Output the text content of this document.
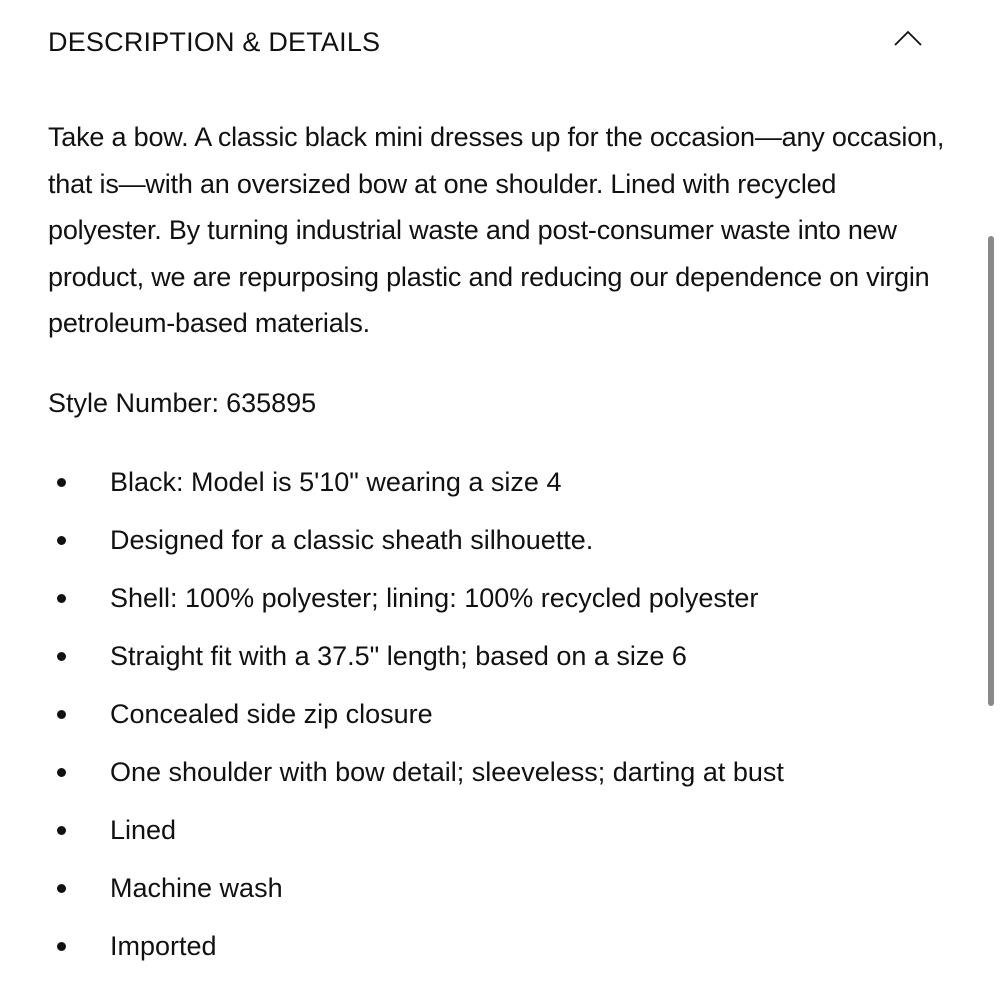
DESCRIPTION & DETAILS

Take a bow. A classic black mini dresses up for the occasion—any occasion, that is—with an oversized bow at one shoulder. Lined with recycled polyester. By turning industrial waste and post-consumer waste into new product, we are repurposing plastic and reducing our dependence on virgin petroleum-based materials.

Style Number: 635895
Black: Model is 5'10" wearing a size 4
Designed for a classic sheath silhouette.
Shell: 100% polyester; lining: 100% recycled polyester
Straight fit with a 37.5" length; based on a size 6
Concealed side zip closure
One shoulder with bow detail; sleeveless; darting at bust
Lined
Machine wash
Imported
